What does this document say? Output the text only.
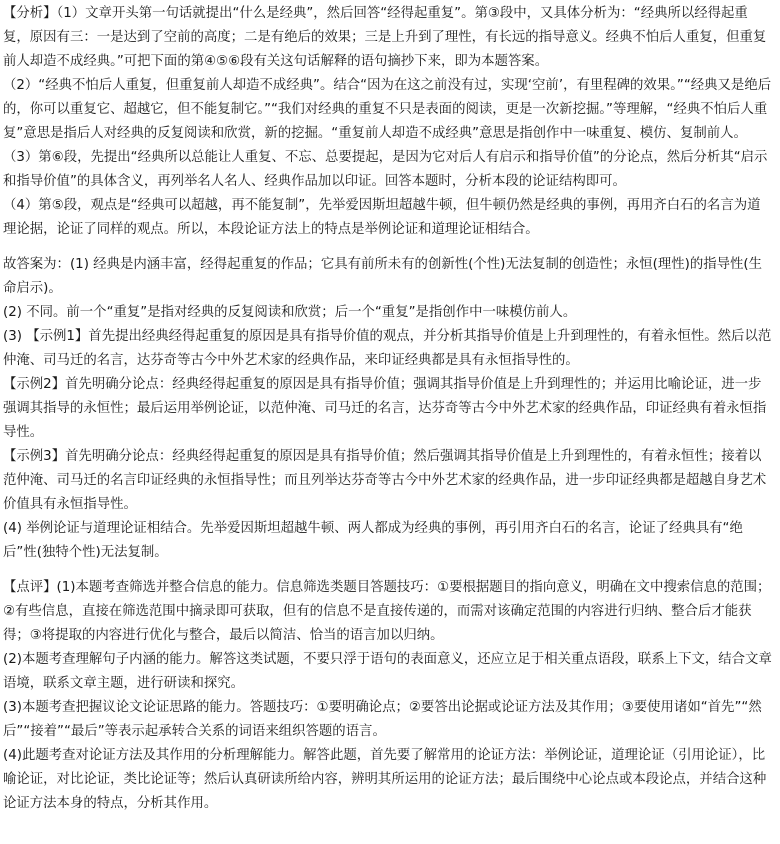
【分析】（1）文章开头第一句话就提出“什么是经典”，然后回答“经得起重复”。第③段中，又具体分析为：“经典所以经得起重复，原因有三：一是达到了空前的高度；二是有绝后的效果；三是上升到了理性，有长远的指导意义。经典不怕后人重复，但重复前人却造不成经典。”可把下面的第④⑤⑥段有关这句话解释的语句摘抄下来，即为本题答案。

（2）“经典不怕后人重复，但重复前人却造不成经典”。结合“因为在这之前没有过，实现‘空前’，有里程碑的效果。”“经典又是绝后的，你可以重复它、超越它，但不能复制它。”“我们对经典的重复不只是表面的阅读，更是一次新挖掘。”等理解，“经典不怕后人重复”意思是指后人对经典的反复阅读和欣赏，新的挖掘。“重复前人却造不成经典”意思是指创作中一味重复、模仿、复制前人。

（3）第⑥段，先提出“经典所以总能让人重复、不忘、总要提起，是因为它对后人有启示和指导价值”的分论点，然后分析其“启示和指导价值”的具体含义，再列举名人名人、经典作品加以印证。回答本题时，分析本段的论证结构即可。

（4）第⑤段，观点是“经典可以超越，再不能复制”，先举爱因斯坦超越牛顿，但牛顿仍然是经典的事例，再用齐白石的名言为道理论据，论证了同样的观点。所以，本段论证方法上的特点是举例论证和道理论证相结合。

故答案为：(1) 经典是内涵丰富，经得起重复的作品；它具有前所未有的创新性(个性)无法复制的创造性；永恒(理性)的指导性(生命启示)。

(2) 不同。前一个“重复”是指对经典的反复阅读和欣赏；后一个“重复”是指创作中一味模仿前人。

(3) 【示例1】首先提出经典经得起重复的原因是具有指导价值的观点，并分析其指导价值是上升到理性的，有着永恒性。然后以范仲淹、司马迁的名言，达芬奇等古今中外艺术家的经典作品，来印证经典都是具有永恒指导性的。

【示例2】首先明确分论点：经典经得起重复的原因是具有指导价值；强调其指导价值是上升到理性的；并运用比喻论证，进一步强调其指导的永恒性；最后运用举例论证，以范仲淹、司马迁的名言，达芬奇等古今中外艺术家的经典作品，印证经典有着永恒指导性。

【示例3】首先明确分论点：经典经得起重复的原因是具有指导价值；然后强调其指导价值是上升到理性的，有着永恒性；接着以范仲淹、司马迁的名言印证经典的永恒指导性；而且列举达芬奇等古今中外艺术家的经典作品，进一步印证经典都是超越自身艺术价值具有永恒指导性。

(4) 举例论证与道理论证相结合。先举爱因斯坦超越牛顿、两人都成为经典的事例，再引用齐白石的名言，论证了经典具有“绝后”性(独特个性)无法复制。

【点评】(1)本题考查筛选并整合信息的能力。信息筛选类题目答题技巧：①要根据题目的指向意义，明确在文中搜索信息的范围；②有些信息，直接在筛选范围中摘录即可获取，但有的信息不是直接传递的，而需对该确定范围的内容进行归纳、整合后才能获得；③将提取的内容进行优化与整合，最后以简洁、恰当的语言加以归纳。

(2)本题考查理解句子内涵的能力。解答这类试题，不要只浮于语句的表面意义，还应立足于相关重点语段，联系上下文，结合文章语境，联系文章主题，进行研读和探究。

(3)本题考查把握议论文论证思路的能力。答题技巧：①要明确论点；②要答出论据或论证方法及其作用；③要使用诸如“首先”“然后”“接着”“最后”等表示起承转合关系的词语来组织答题的语言。

(4)此题考查对论证方法及其作用的分析理解能力。解答此题，首先要了解常用的论证方法：举例论证，道理论证（引用论证），比喻论证，对比论证，类比论证等；然后认真研读所给内容，辨明其所运用的论证方法；最后围绕中心论点或本段论点，并结合这种论证方法本身的特点，分析其作用。
